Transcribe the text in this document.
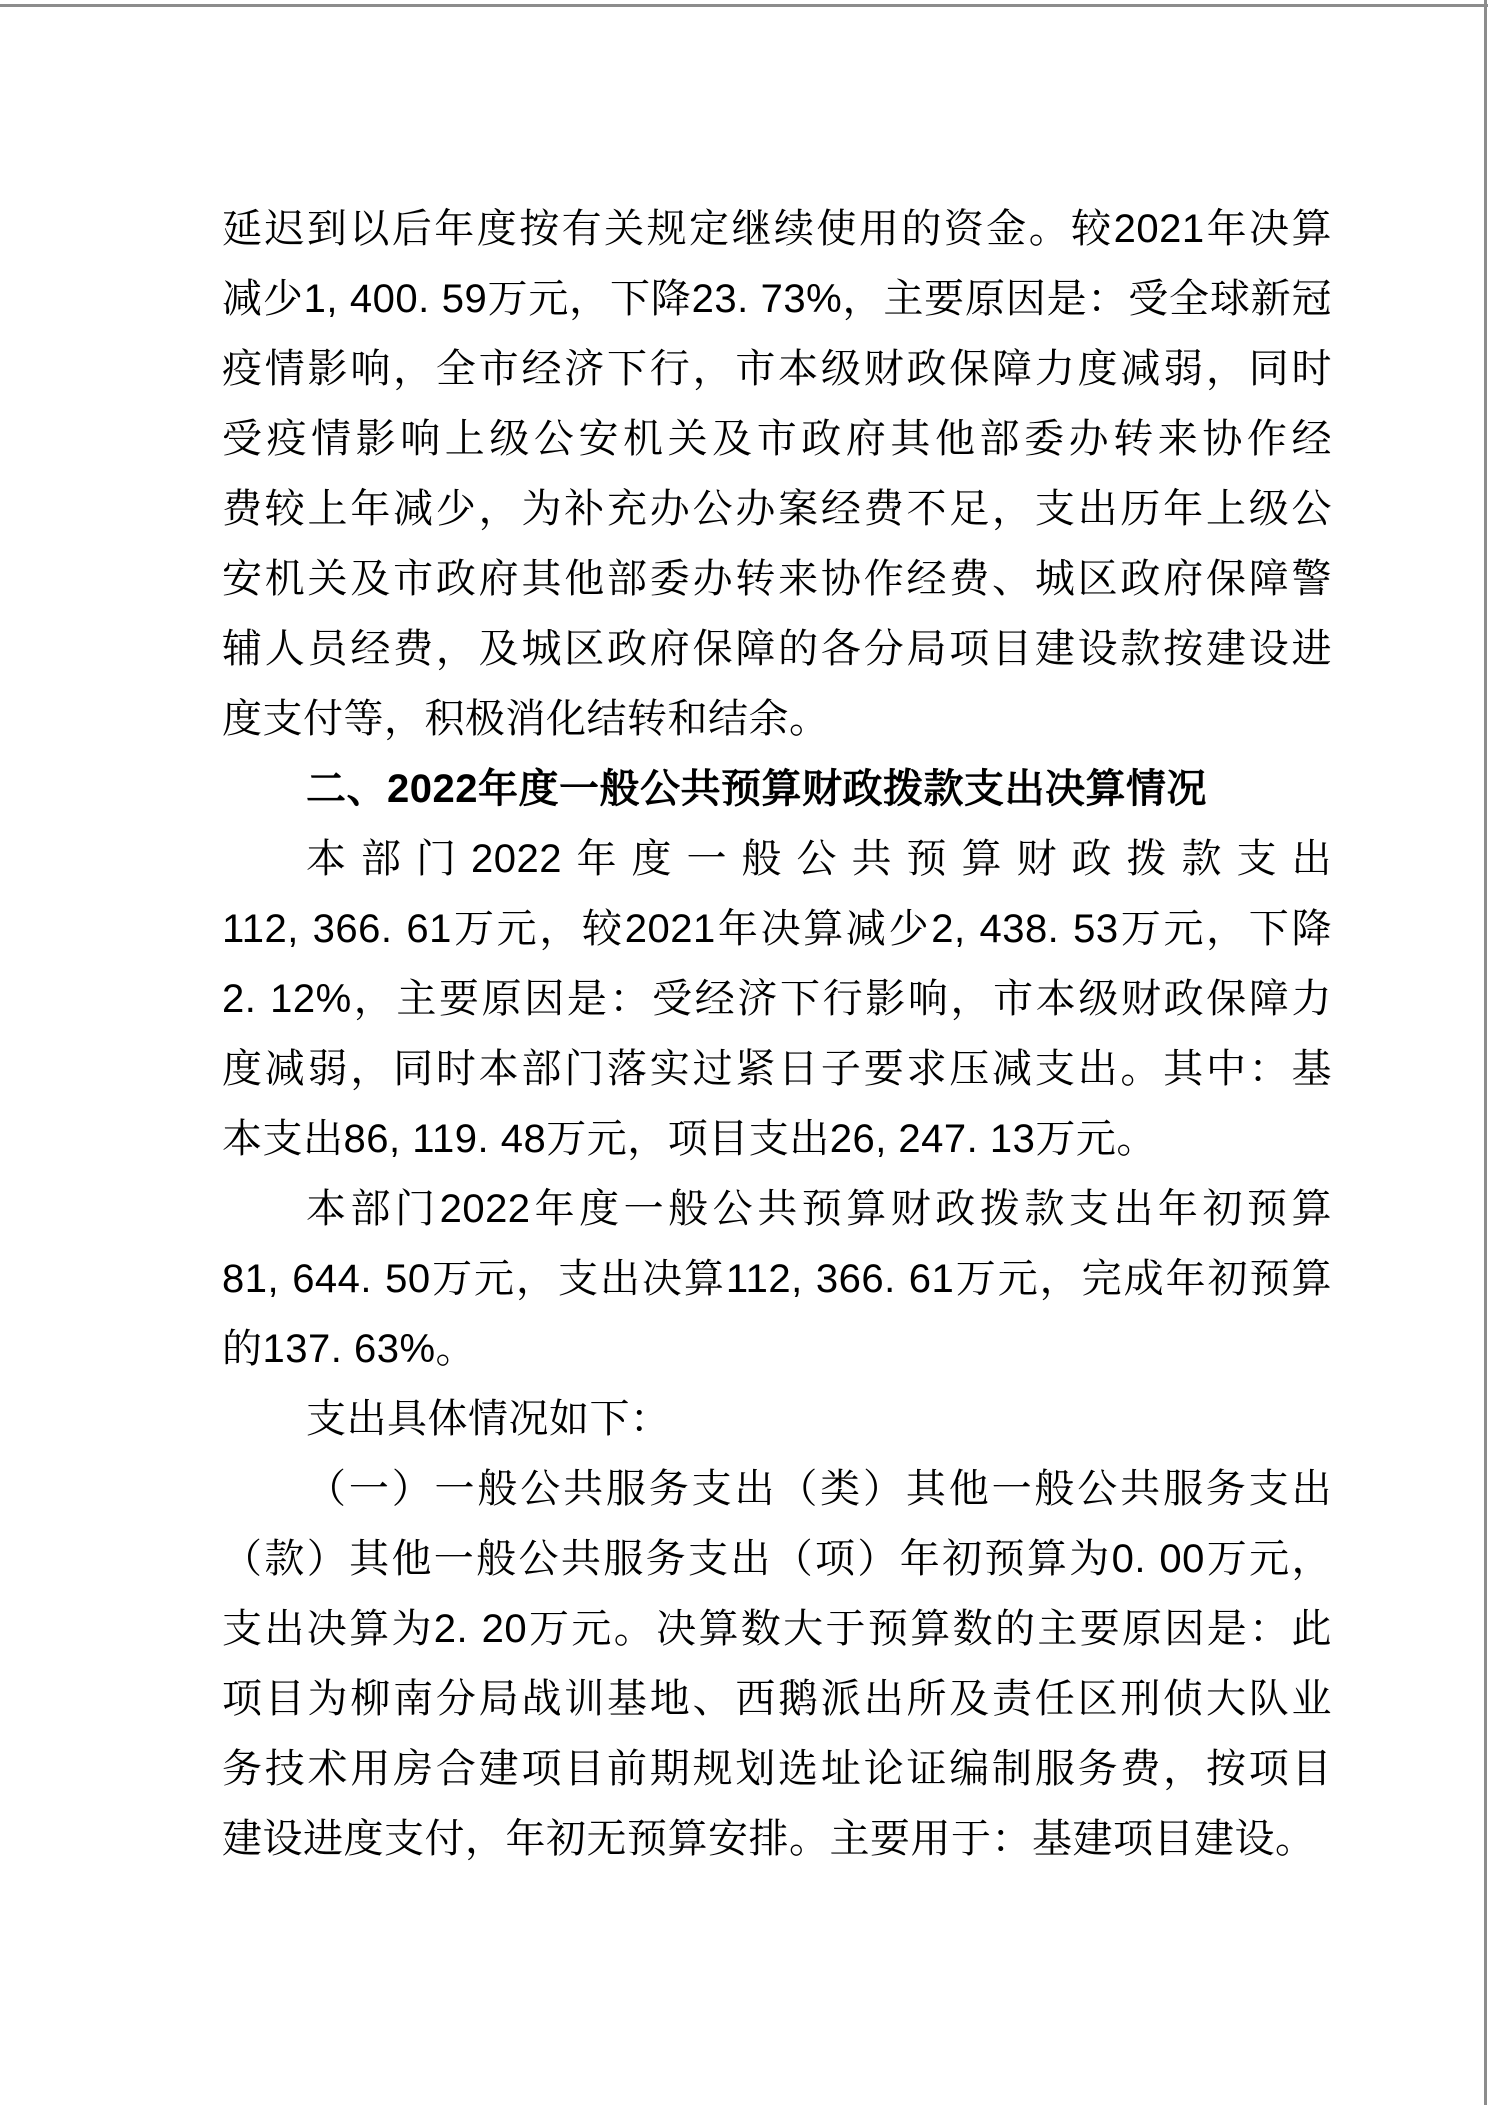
延迟到以后年度按有关规定继续使用的资金。较2021年决算
减少1, 400. 59万元，下降23. 73%，主要原因是：受全球新冠
疫情影响，全市经济下行，市本级财政保障力度减弱，同时
受疫情影响上级公安机关及市政府其他部委办转来协作经
费较上年减少，为补充办公办案经费不足，支出历年上级公
安机关及市政府其他部委办转来协作经费、城区政府保障警
辅人员经费，及城区政府保障的各分局项目建设款按建设进
度支付等，积极消化结转和结余。
二、2022年度一般公共预算财政拨款支出决算情况
本部门2022年度一般公共预算财政拨款支出
112, 366. 61万元，较2021年决算减少2, 438. 53万元，下降
2. 12%，主要原因是：受经济下行影响，市本级财政保障力
度减弱，同时本部门落实过紧日子要求压减支出。其中：基
本支出86, 119. 48万元，项目支出26, 247. 13万元。
本部门2022年度一般公共预算财政拨款支出年初预算
81, 644. 50万元，支出决算112, 366. 61万元，完成年初预算
的137. 63%。
支出具体情况如下：
（一）一般公共服务支出（类）其他一般公共服务支出
（款）其他一般公共服务支出（项）年初预算为0. 00万元，
支出决算为2. 20万元。决算数大于预算数的主要原因是：此
项目为柳南分局战训基地、西鹅派出所及责任区刑侦大队业
务技术用房合建项目前期规划选址论证编制服务费，按项目
建设进度支付，年初无预算安排。主要用于：基建项目建设。
